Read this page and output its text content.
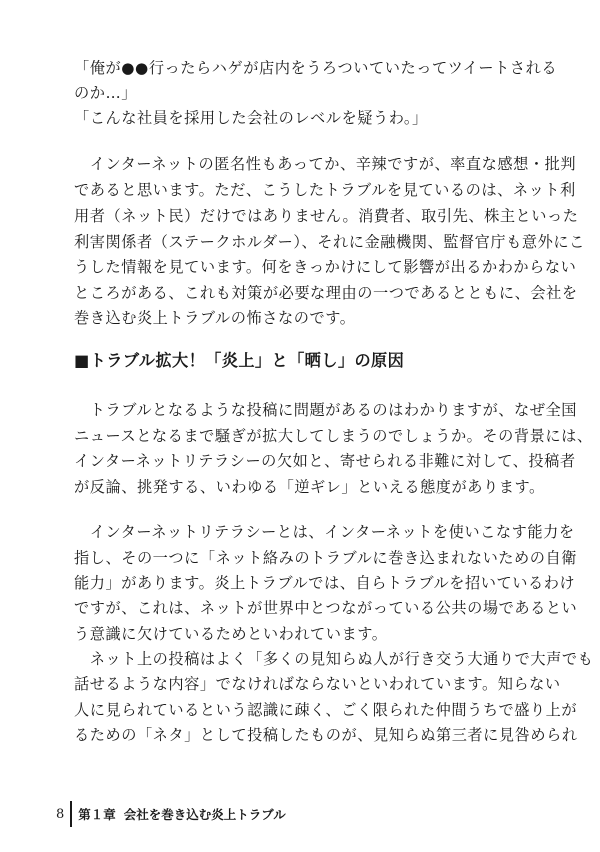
「俺が●●行ったらハゲが店内をうろついていたってツイートされる
のか…」
「こんな社員を採用した会社のレベルを疑うわ。」
　インターネットの匿名性もあってか、辛辣ですが、率直な感想・批判
であると思います。ただ、こうしたトラブルを見ているのは、ネット利
用者（ネット民）だけではありません。消費者、取引先、株主といった
利害関係者（ステークホルダー）、それに金融機関、監督官庁も意外にこ
うした情報を見ています。何をきっかけにして影響が出るかわからない
ところがある、これも対策が必要な理由の一つであるとともに、会社を
巻き込む炎上トラブルの怖さなのです。
■トラブル拡大！「炎上」と「晒し」の原因
　トラブルとなるような投稿に問題があるのはわかりますが、なぜ全国
ニュースとなるまで騒ぎが拡大してしまうのでしょうか。その背景には、
インターネットリテラシーの欠如と、寄せられる非難に対して、投稿者
が反論、挑発する、いわゆる「逆ギレ」といえる態度があります。
　インターネットリテラシーとは、インターネットを使いこなす能力を
指し、その一つに「ネット絡みのトラブルに巻き込まれないための自衛
能力」があります。炎上トラブルでは、自らトラブルを招いているわけ
ですが、これは、ネットが世界中とつながっている公共の場であるとい
う意識に欠けているためといわれています。
　ネット上の投稿はよく「多くの見知らぬ人が行き交う大通りで大声でも
話せるような内容」でなければならないといわれています。知らない
人に見られているという認識に疎く、ごく限られた仲間うちで盛り上が
るための「ネタ」として投稿したものが、見知らぬ第三者に見咎められ
8 第１章 会社を巻き込む炎上トラブル
